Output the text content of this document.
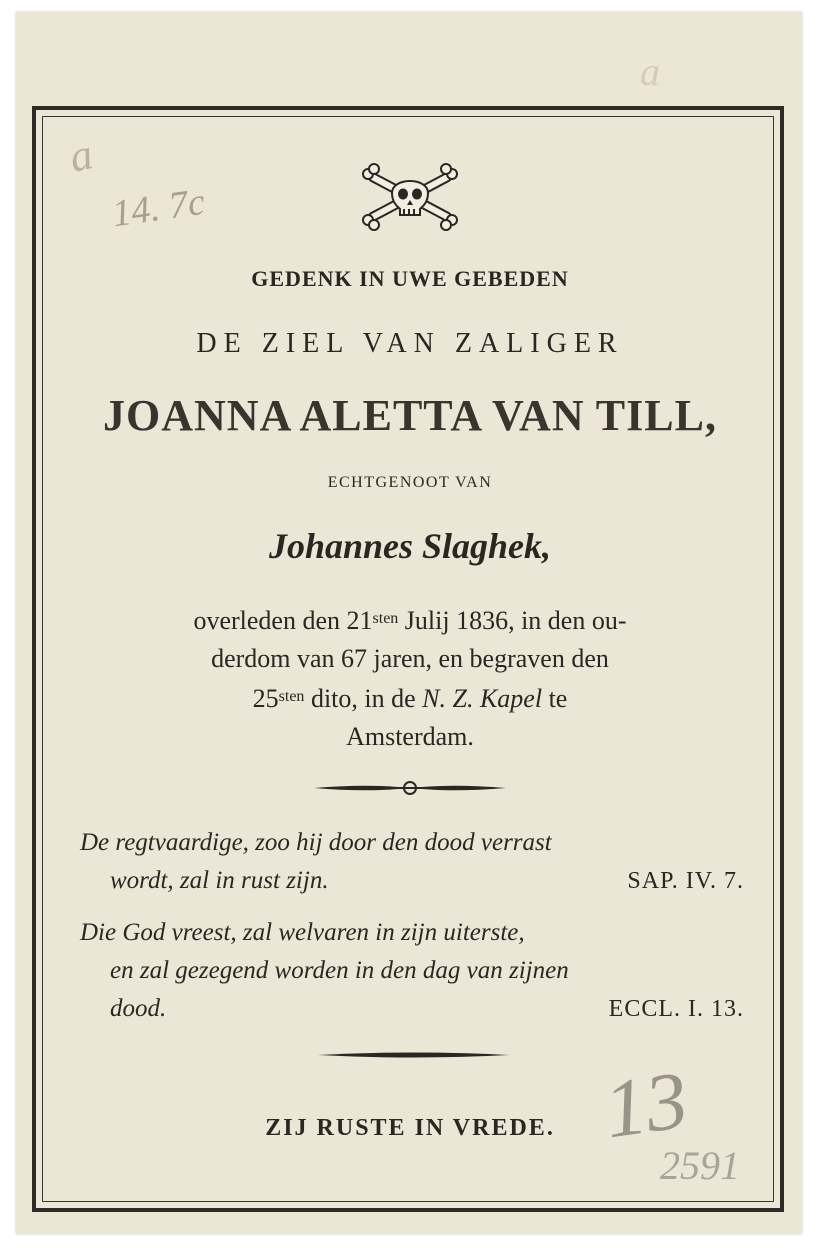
a
a
14. 7c
GEDENK IN UWE GEBEDEN
DE ZIEL VAN ZALIGER
JOANNA ALETTA VAN TILL,
ECHTGENOOT VAN
Johannes Slaghek,
overleden den $21^{sten}$ Julij 1836, in den ou-
derdom van 67 jaren, en begraven den
$25^{sten}$ dito, in de N. Z. Kapel te
Amsterdam.
De regtvaardige, zoo hij door den dood verrast
wordt, zal in rust zijn.	SAP. IV. 7.
Die God vreest, zal welvaren in zijn uiterste,
en zal gezegend worden in den dag van zijnen
dood.	ECCL. I. 13.
ZIJ RUSTE IN VREDE. 13
2591
